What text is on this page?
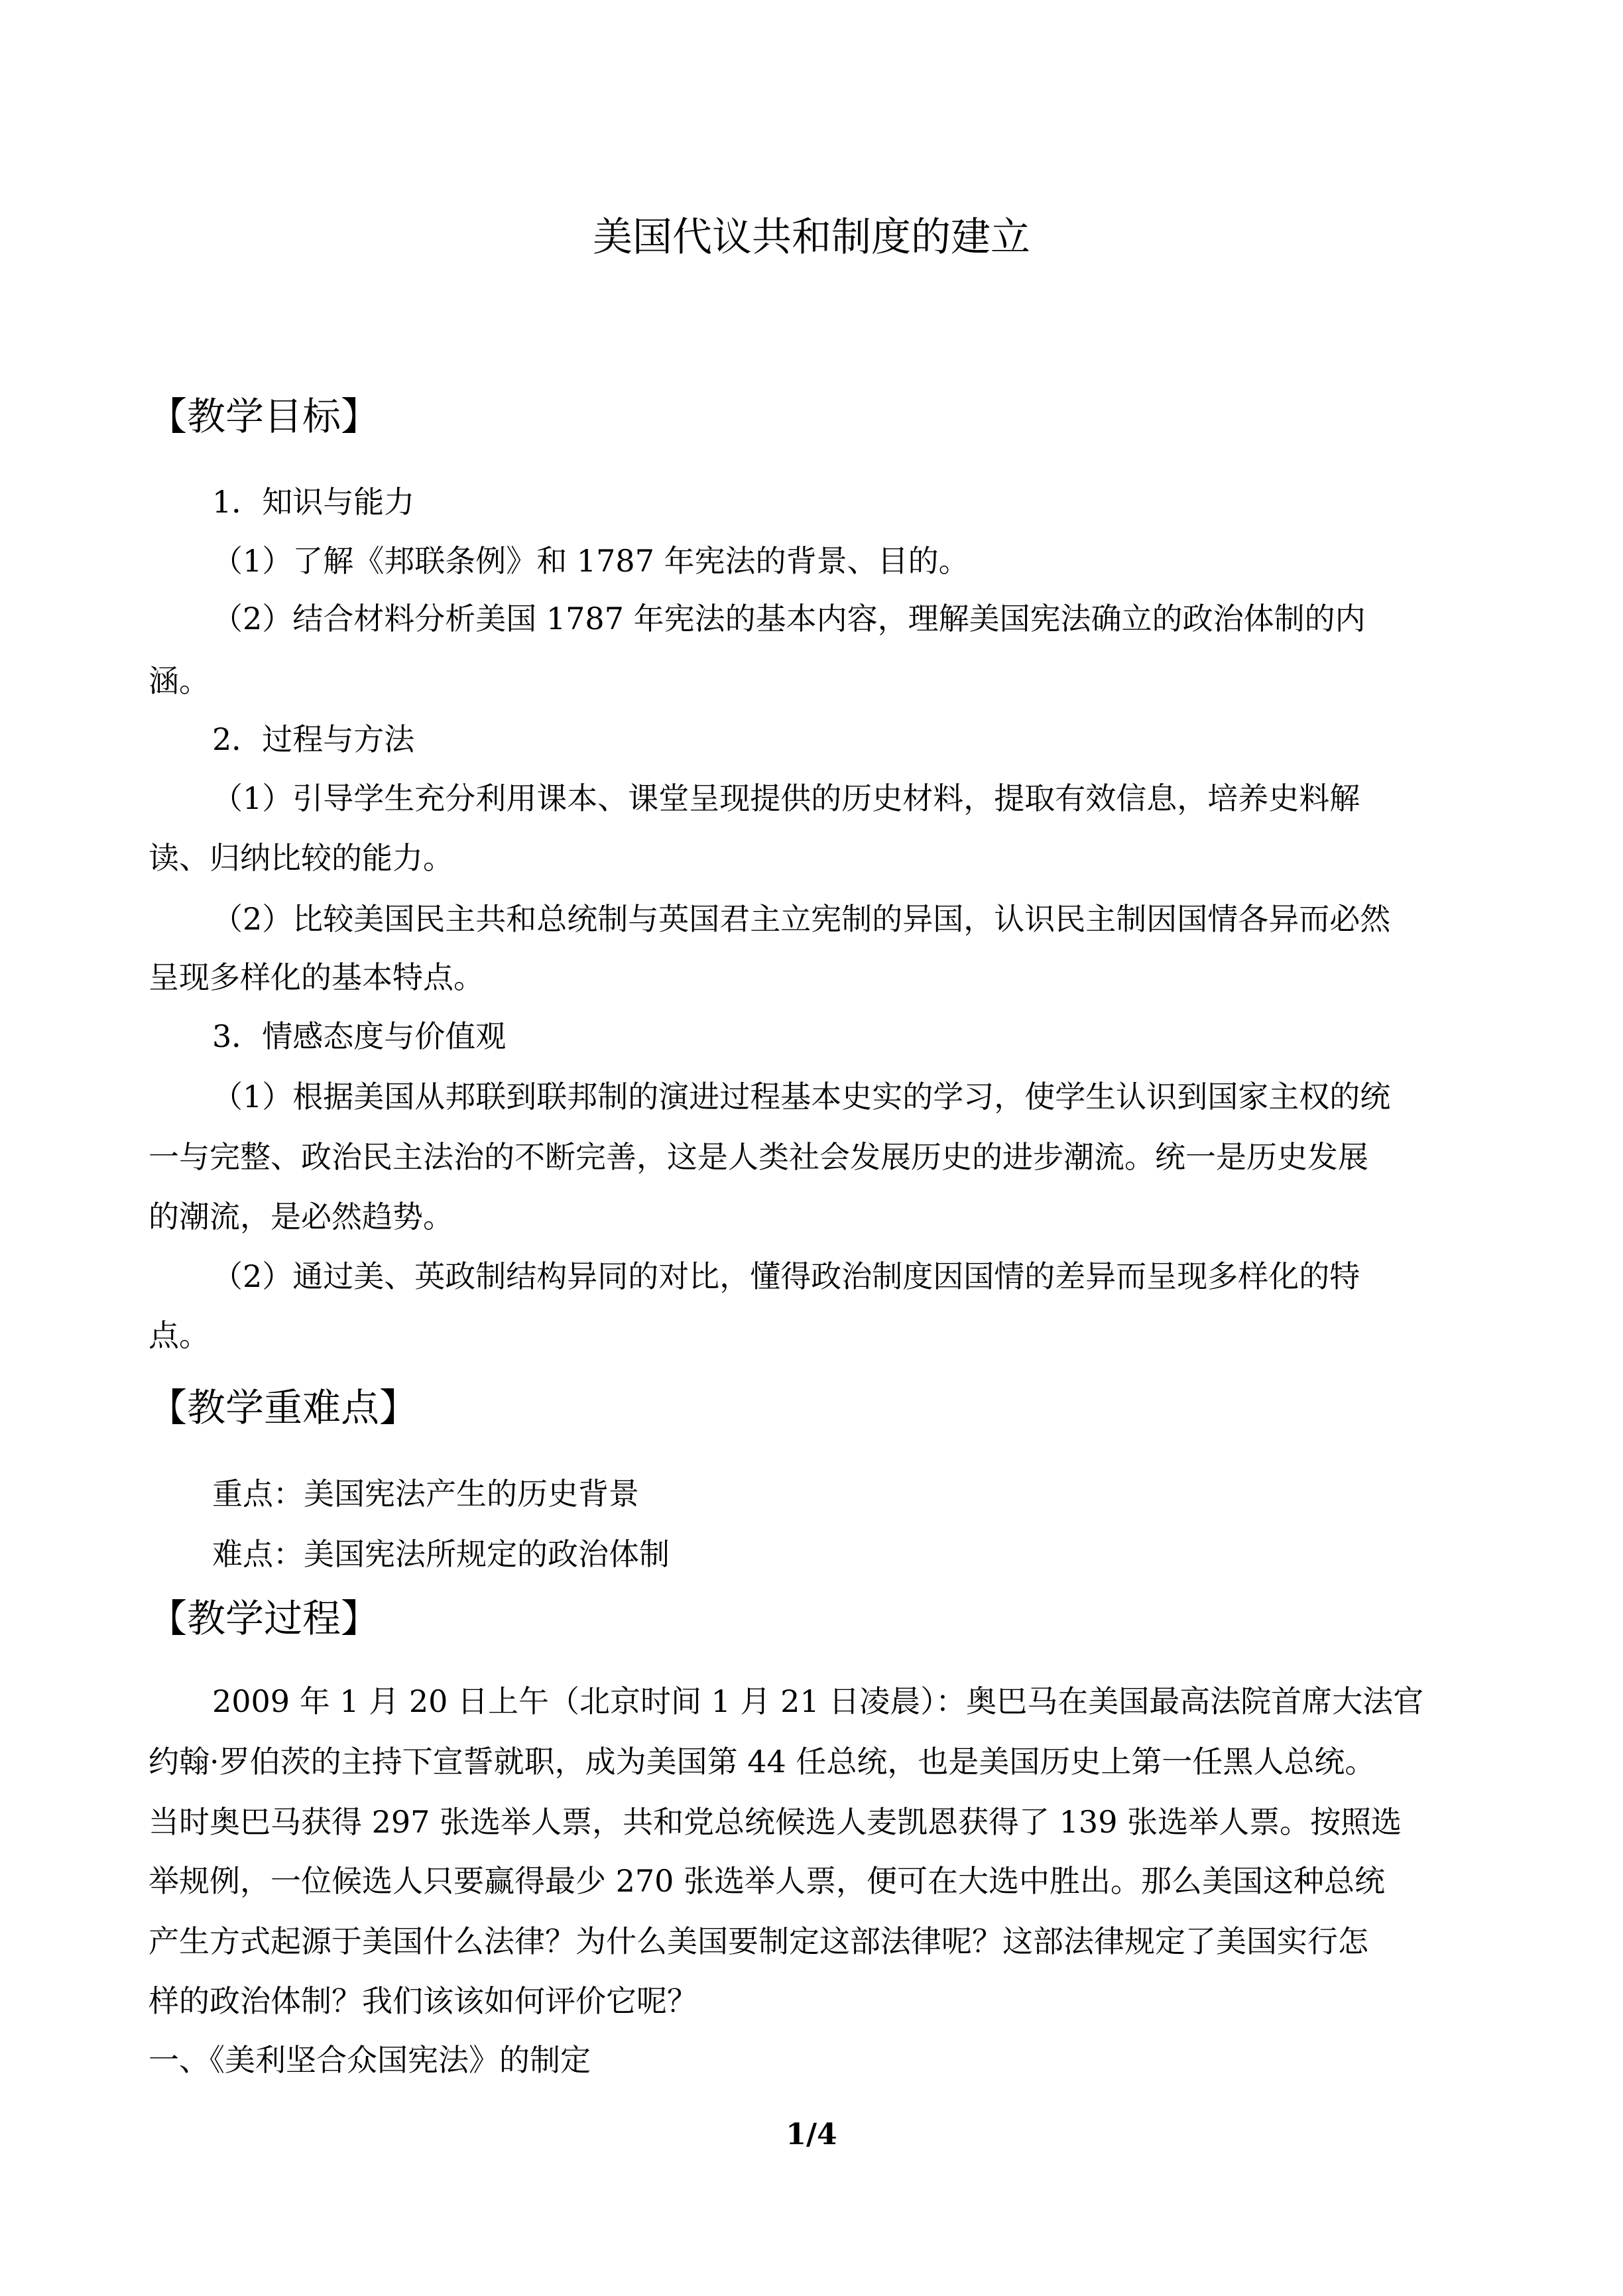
美国代议共和制度的建立
【教学目标】
1．知识与能力
（1）了解《邦联条例》和 1787 年宪法的背景、目的。
（2）结合材料分析美国 1787 年宪法的基本内容，理解美国宪法确立的政治体制的内
涵。
2．过程与方法
（1）引导学生充分利用课本、课堂呈现提供的历史材料，提取有效信息，培养史料解
读、归纳比较的能力。
（2）比较美国民主共和总统制与英国君主立宪制的异国，认识民主制因国情各异而必然
呈现多样化的基本特点。
3．情感态度与价值观
（1）根据美国从邦联到联邦制的演进过程基本史实的学习，使学生认识到国家主权的统
一与完整、政治民主法治的不断完善，这是人类社会发展历史的进步潮流。统一是历史发展
的潮流，是必然趋势。
（2）通过美、英政制结构异同的对比，懂得政治制度因国情的差异而呈现多样化的特
点。
【教学重难点】
重点：美国宪法产生的历史背景
难点：美国宪法所规定的政治体制
【教学过程】
2009 年 1 月 20 日上午（北京时间 1 月 21 日凌晨）：奥巴马在美国最高法院首席大法官
约翰·罗伯茨的主持下宣誓就职，成为美国第 44 任总统，也是美国历史上第一任黑人总统。
当时奥巴马获得 297 张选举人票，共和党总统候选人麦凯恩获得了 139 张选举人票。按照选
举规例，一位候选人只要赢得最少 270 张选举人票，便可在大选中胜出。那么美国这种总统
产生方式起源于美国什么法律？为什么美国要制定这部法律呢？这部法律规定了美国实行怎
样的政治体制？我们该该如何评价它呢？
一、《美利坚合众国宪法》的制定
1/4
